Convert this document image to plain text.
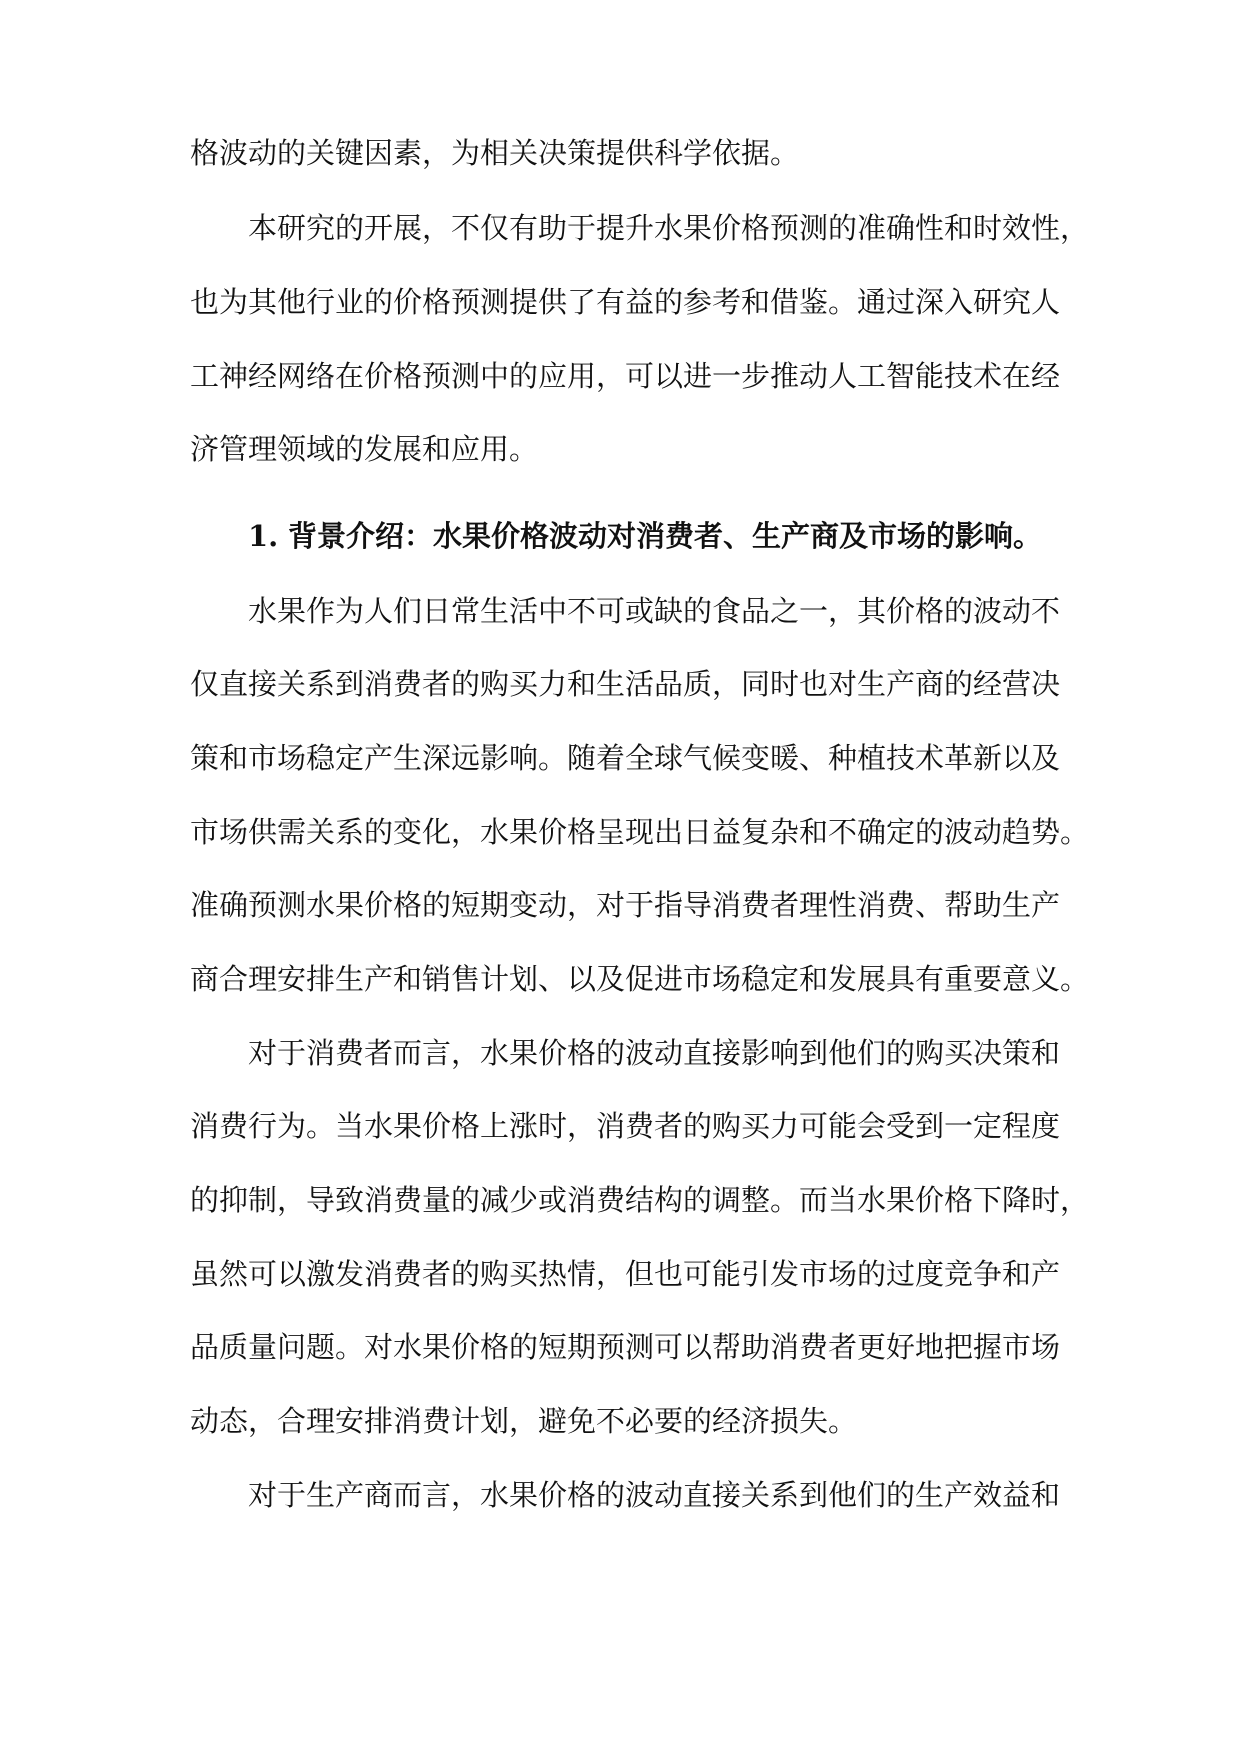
格波动的关键因素，为相关决策提供科学依据。
本研究的开展，不仅有助于提升水果价格预测的准确性和时效性，
也为其他行业的价格预测提供了有益的参考和借鉴。通过深入研究人
工神经网络在价格预测中的应用，可以进一步推动人工智能技术在经
济管理领域的发展和应用。
1. 背景介绍：水果价格波动对消费者、生产商及市场的影响。
水果作为人们日常生活中不可或缺的食品之一，其价格的波动不
仅直接关系到消费者的购买力和生活品质，同时也对生产商的经营决
策和市场稳定产生深远影响。随着全球气候变暖、种植技术革新以及
市场供需关系的变化，水果价格呈现出日益复杂和不确定的波动趋势。
准确预测水果价格的短期变动，对于指导消费者理性消费、帮助生产
商合理安排生产和销售计划、以及促进市场稳定和发展具有重要意义。
对于消费者而言，水果价格的波动直接影响到他们的购买决策和
消费行为。当水果价格上涨时，消费者的购买力可能会受到一定程度
的抑制，导致消费量的减少或消费结构的调整。而当水果价格下降时，
虽然可以激发消费者的购买热情，但也可能引发市场的过度竞争和产
品质量问题。对水果价格的短期预测可以帮助消费者更好地把握市场
动态，合理安排消费计划，避免不必要的经济损失。
对于生产商而言，水果价格的波动直接关系到他们的生产效益和
